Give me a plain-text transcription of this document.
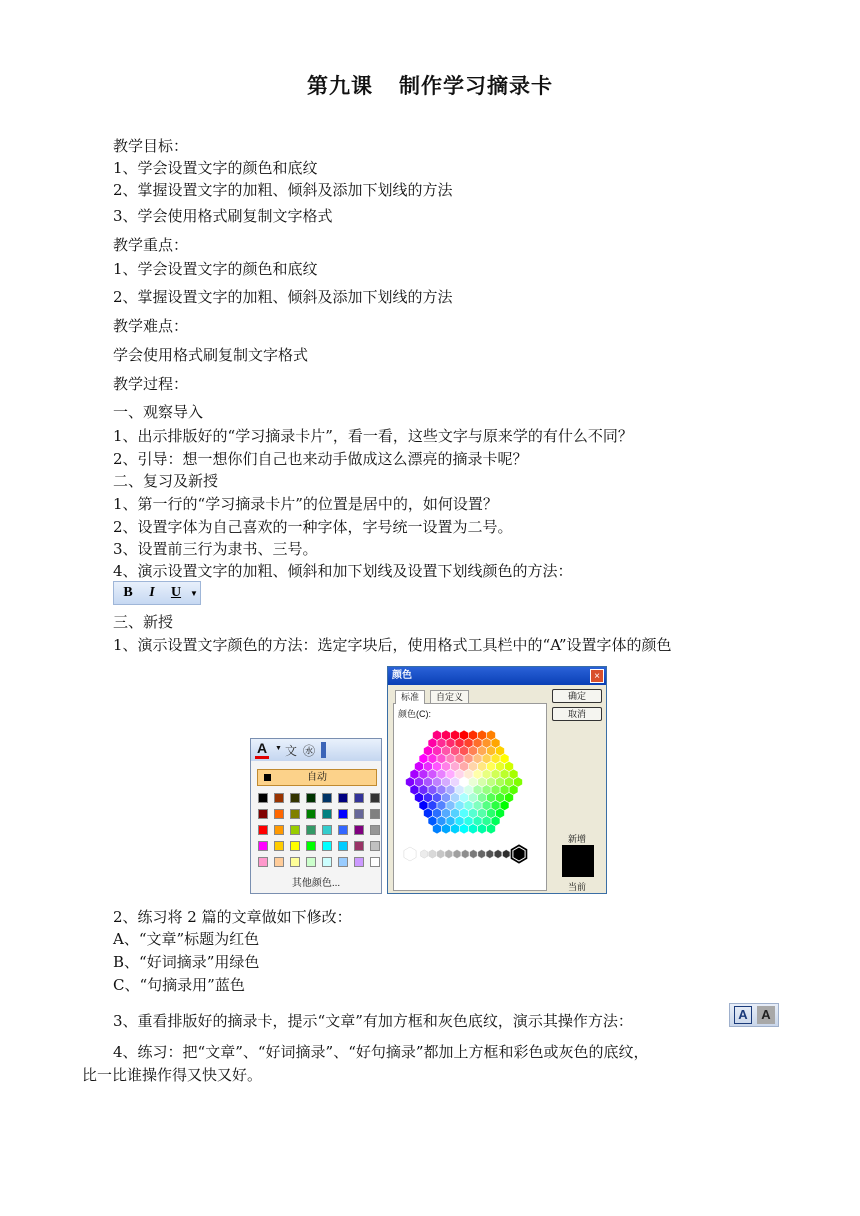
第九课 制作学习摘录卡
教学目标：
1、学会设置文字的颜色和底纹
2、掌握设置文字的加粗、倾斜及添加下划线的方法
3、学会使用格式刷复制文字格式
教学重点：
1、学会设置文字的颜色和底纹
2、掌握设置文字的加粗、倾斜及添加下划线的方法
教学难点：
学会使用格式刷复制文字格式
教学过程：
一、观察导入
1、出示排版好的“学习摘录卡片”，看一看，这些文字与原来学的有什么不同？
2、引导：想一想你们自己也来动手做成这么漂亮的摘录卡呢？
二、复习及新授
1、第一行的“学习摘录卡片”的位置是居中的，如何设置？
2、设置字体为自己喜欢的一种字体，字号统一设置为二号。
3、设置前三行为隶书、三号。
4、演示设置文字的加粗、倾斜和加下划线及设置下划线颜色的方法：
B	I	U	▼
三、新授
1、演示设置文字颜色的方法：选定字块后，使用格式工具栏中的“A”设置字体的颜色
A ▼ 文 ㊌
自动
其他颜色...
颜色	×
标准	自定义
颜色(C):
确定
取消
新增
当前
2、练习将 2 篇的文章做如下修改：
A、“文章”标题为红色
B、“好词摘录”用绿色
C、“句摘录用”蓝色
3、重看排版好的摘录卡，提示“文章”有加方框和灰色底纹，演示其操作方法：	A	A
4、练习：把“文章”、“好词摘录”、“好句摘录”都加上方框和彩色或灰色的底纹，
比一比谁操作得又快又好。
